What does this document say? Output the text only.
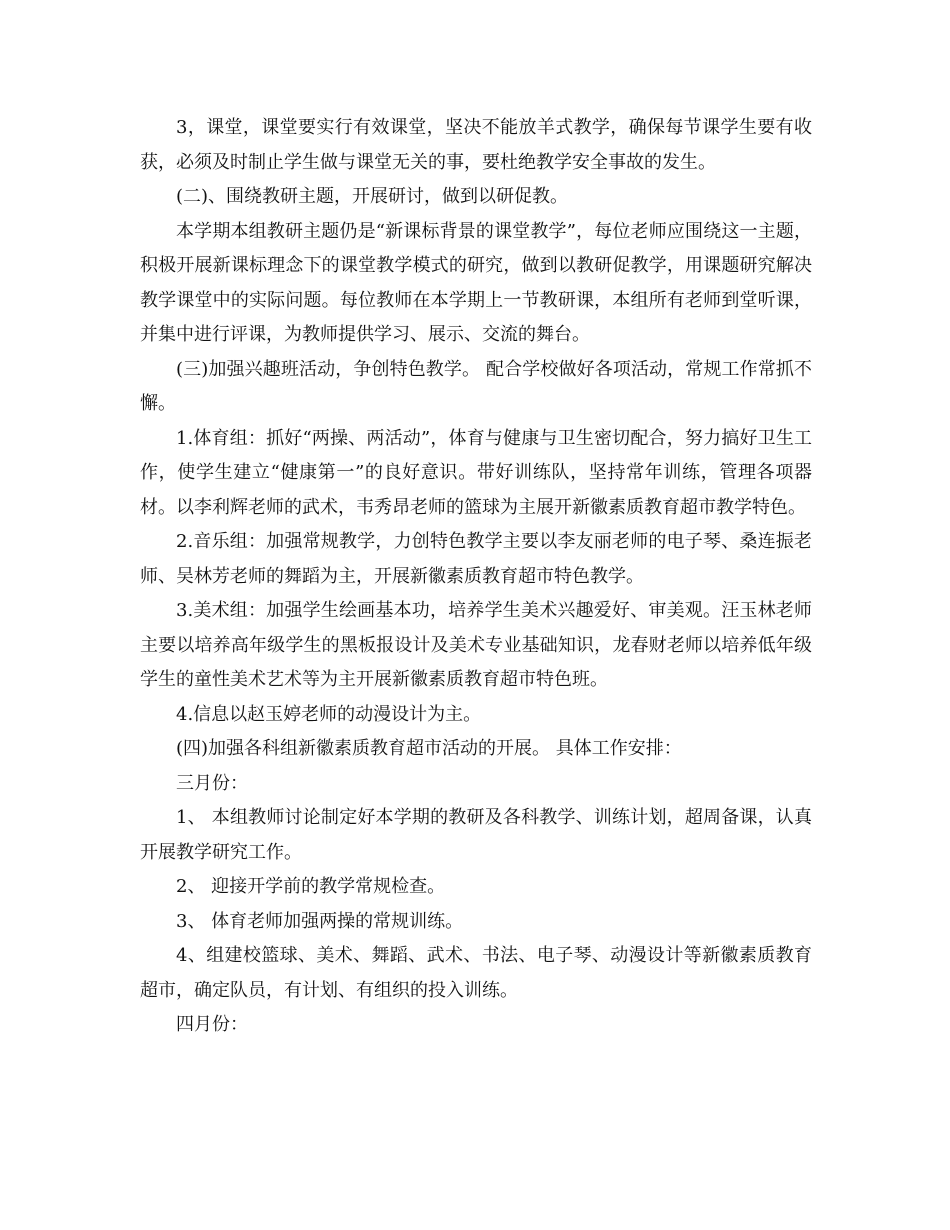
3，课堂，课堂要实行有效课堂，坚决不能放羊式教学，确保每节课学生要有收获，必须及时制止学生做与课堂无关的事，要杜绝教学安全事故的发生。

(二)、围绕教研主题，开展研讨，做到以研促教。

本学期本组教研主题仍是“新课标背景的课堂教学”，每位老师应围绕这一主题，积极开展新课标理念下的课堂教学模式的研究，做到以教研促教学，用课题研究解决教学课堂中的实际问题。每位教师在本学期上一节教研课，本组所有老师到堂听课，并集中进行评课，为教师提供学习、展示、交流的舞台。

(三)加强兴趣班活动，争创特色教学。 配合学校做好各项活动，常规工作常抓不懈。

1.体育组：抓好“两操、两活动”，体育与健康与卫生密切配合，努力搞好卫生工作，使学生建立“健康第一”的良好意识。带好训练队，坚持常年训练，管理各项器材。以李利辉老师的武术，韦秀昂老师的篮球为主展开新徽素质教育超市教学特色。

2.音乐组：加强常规教学，力创特色教学主要以李友丽老师的电子琴、桑连振老师、吴林芳老师的舞蹈为主，开展新徽素质教育超市特色教学。

3.美术组：加强学生绘画基本功，培养学生美术兴趣爱好、审美观。汪玉林老师主要以培养高年级学生的黑板报设计及美术专业基础知识，龙春财老师以培养低年级学生的童性美术艺术等为主开展新徽素质教育超市特色班。

4.信息以赵玉婷老师的动漫设计为主。

(四)加强各科组新徽素质教育超市活动的开展。 具体工作安排：

三月份：

1、 本组教师讨论制定好本学期的教研及各科教学、训练计划，超周备课，认真开展教学研究工作。

2、 迎接开学前的教学常规检查。

3、 体育老师加强两操的常规训练。

4、组建校篮球、美术、舞蹈、武术、书法、电子琴、动漫设计等新徽素质教育超市，确定队员，有计划、有组织的投入训练。

四月份：
